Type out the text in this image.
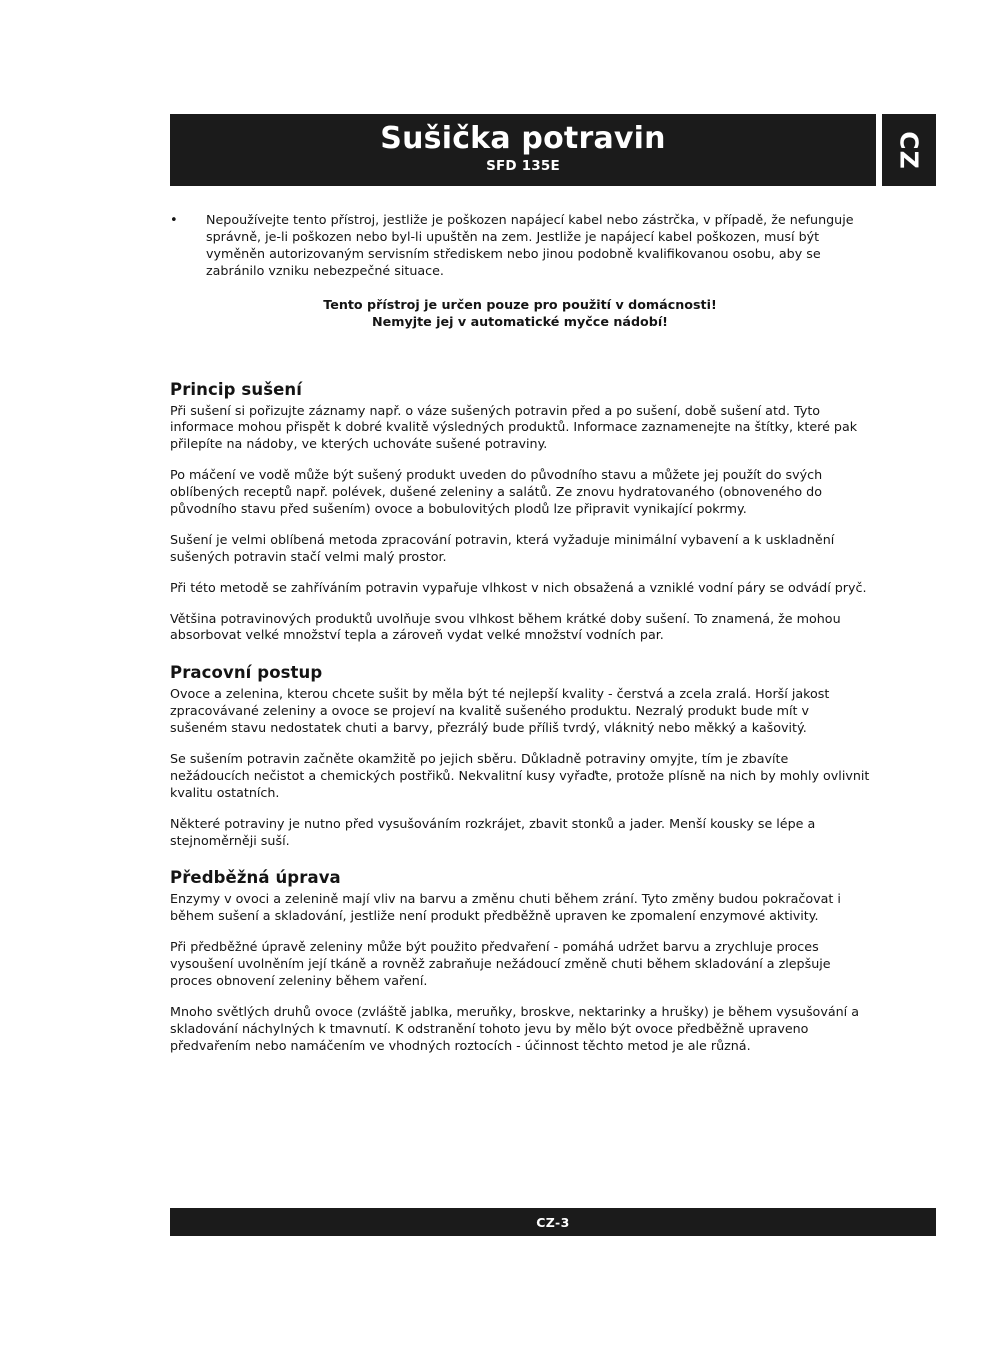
Sušička potravin
SFD 135E	CZ
•	Nepoužívejte tento přístroj, jestliže je poškozen napájecí kabel nebo zástrčka, v případě, že nefunguje správně, je-li poškozen nebo byl-li upuštěn na zem. Jestliže je napájecí kabel poškozen, musí být vyměněn autorizovaným servisním střediskem nebo jinou podobně kvalifikovanou osobu, aby se zabránilo vzniku nebezpečné situace.
Tento přístroj je určen pouze pro použití v domácnosti!
Nemyjte jej v automatické myčce nádobí!
Princip sušení

Při sušení si pořizujte záznamy např. o váze sušených potravin před a po sušení, době sušení atd. Tyto informace mohou přispět k dobré kvalitě výsledných produktů. Informace zaznamenejte na štítky, které pak přilepíte na nádoby, ve kterých uchováte sušené potraviny.

Po máčení ve vodě může být sušený produkt uveden do původního stavu a můžete jej použít do svých oblíbených receptů např. polévek, dušené zeleniny a salátů. Ze znovu hydratovaného (obnoveného do původního stavu před sušením) ovoce a bobulovitých plodů lze připravit vynikající pokrmy.

Sušení je velmi oblíbená metoda zpracování potravin, která vyžaduje minimální vybavení a k uskladnění sušených potravin stačí velmi malý prostor.

Při této metodě se zahříváním potravin vypařuje vlhkost v nich obsažená a vzniklé vodní páry se odvádí pryč.

Většina potravinových produktů uvolňuje svou vlhkost během krátké doby sušení. To znamená, že mohou absorbovat velké množství tepla a zároveň vydat velké množství vodních par.

Pracovní postup

Ovoce a zelenina, kterou chcete sušit by měla být té nejlepší kvality - čerstvá a zcela zralá. Horší jakost zpracovávané zeleniny a ovoce se projeví na kvalitě sušeného produktu. Nezralý produkt bude mít v sušeném stavu nedostatek chuti a barvy, přezrálý bude příliš tvrdý, vláknitý nebo měkký a kašovitý.

Se sušením potravin začněte okamžitě po jejich sběru. Důkladně potraviny omyjte, tím je zbavíte nežádoucích nečistot a chemických postřiků. Nekvalitní kusy vyřaďte, protože plísně na nich by mohly ovlivnit kvalitu ostatních.

Některé potraviny je nutno před vysušováním rozkrájet, zbavit stonků a jader. Menší kousky se lépe a stejnoměrněji suší.

Předběžná úprava

Enzymy v ovoci a zelenině mají vliv na barvu a změnu chuti během zrání. Tyto změny budou pokračovat i během sušení a skladování, jestliže není produkt předběžně upraven ke zpomalení enzymové aktivity.

Při předběžné úpravě zeleniny může být použito předvaření - pomáhá udržet barvu a zrychluje proces vysoušení uvolněním její tkáně a rovněž zabraňuje nežádoucí změně chuti během skladování a zlepšuje proces obnovení zeleniny během vaření.

Mnoho světlých druhů ovoce (zvláště jablka, meruňky, broskve, nektarinky a hrušky) je během vysušování a skladování náchylných k tmavnutí. K odstranění tohoto jevu by mělo být ovoce předběžně upraveno předvařením nebo namáčením ve vhodných roztocích - účinnost těchto metod je ale různá.

CZ-3
